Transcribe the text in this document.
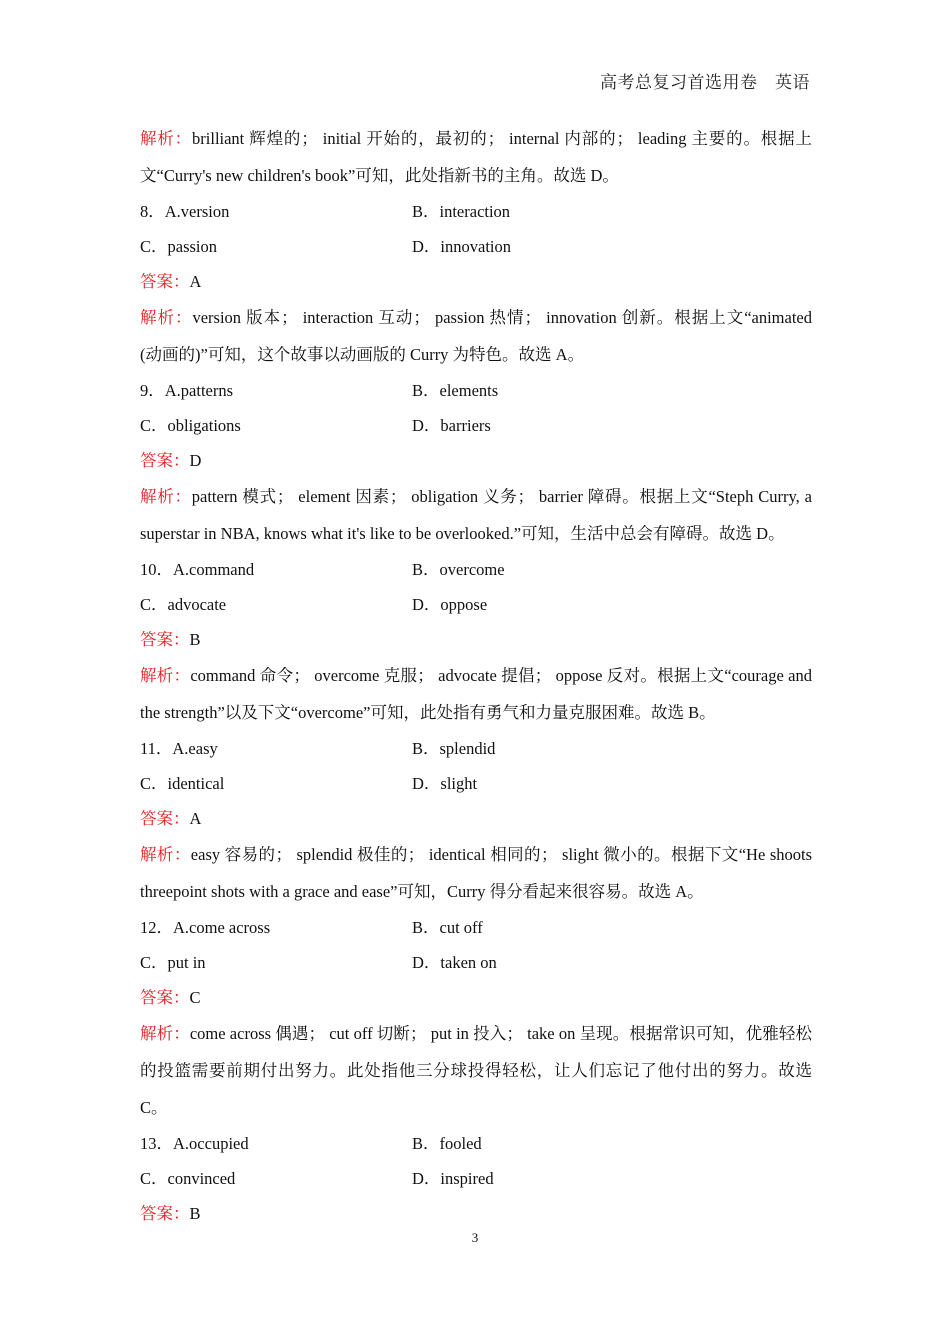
高考总复习首选用卷　英语
解析：brilliant 辉煌的； initial 开始的，最初的； internal 内部的； leading 主要的。根据上文“Curry's new children's book”可知，此处指新书的主角。故选 D。
8．A.version	B．interaction
C．passion	D．innovation
答案：A
解析：version 版本； interaction 互动； passion 热情； innovation 创新。根据上文“animated (动画的)”可知，这个故事以动画版的 Curry 为特色。故选 A。
9．A.patterns	B．elements
C．obligations	D．barriers
答案：D
解析：pattern 模式； element 因素； obligation 义务； barrier 障碍。根据上文“Steph Curry, a superstar in NBA, knows what it's like to be overlooked.”可知，生活中总会有障碍。故选 D。
10．A.command	B．overcome
C．advocate	D．oppose
答案：B
解析：command 命令； overcome 克服； advocate 提倡； oppose 反对。根据上文“courage and the strength”以及下文“overcome”可知，此处指有勇气和力量克服困难。故选 B。
11．A.easy	B．splendid
C．identical	D．slight
答案：A
解析：easy 容易的； splendid 极佳的； identical 相同的； slight 微小的。根据下文“He shoots threepoint shots with a grace and ease”可知，Curry 得分看起来很容易。故选 A。
12．A.come across	B．cut off
C．put in	D．taken on
答案：C
解析：come across 偶遇； cut off 切断； put in 投入； take on 呈现。根据常识可知，优雅轻松的投篮需要前期付出努力。此处指他三分球投得轻松，让人们忘记了他付出的努力。故选 C。
13．A.occupied	B．fooled
C．convinced	D．inspired
答案：B
3
